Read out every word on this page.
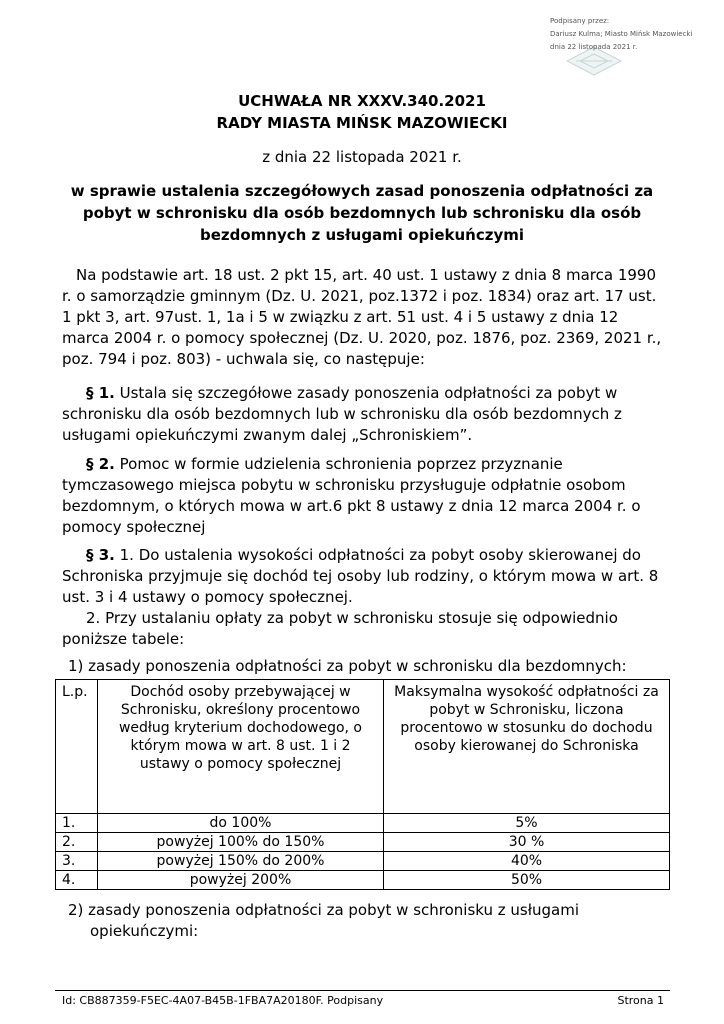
Podpisany przez:
Dariusz Kulma; Miasto Mińsk Mazowiecki
dnia 22 listopada 2021 r.
UCHWAŁA NR XXXV.340.2021
RADY MIASTA MIŃSK MAZOWIECKI
z dnia 22 listopada 2021 r.
w sprawie ustalenia szczegółowych zasad ponoszenia odpłatności za
pobyt w schronisku dla osób bezdomnych lub schronisku dla osób
bezdomnych z usługami opiekuńczymi
Na podstawie art. 18 ust. 2 pkt 15, art. 40 ust. 1 ustawy z dnia 8 marca 1990
r. o samorządzie gminnym (Dz. U. 2021, poz.1372 i poz. 1834) oraz art. 17 ust.
1 pkt 3, art. 97ust. 1, 1a i 5 w związku z art. 51 ust. 4 i 5 ustawy z dnia 12
marca 2004 r. o pomocy społecznej (Dz. U. 2020, poz. 1876, poz. 2369, 2021 r.,
poz. 794 i poz. 803) - uchwala się, co następuje:
§ 1. Ustala się szczegółowe zasady ponoszenia odpłatności za pobyt w
schronisku dla osób bezdomnych lub w schronisku dla osób bezdomnych z
usługami opiekuńczymi zwanym dalej „Schroniskiem”.
§ 2. Pomoc w formie udzielenia schronienia poprzez przyznanie
tymczasowego miejsca pobytu w schronisku przysługuje odpłatnie osobom
bezdomnym, o których mowa w art.6 pkt 8 ustawy z dnia 12 marca 2004 r. o
pomocy społecznej
§ 3. 1. Do ustalenia wysokości odpłatności za pobyt osoby skierowanej do
Schroniska przyjmuje się dochód tej osoby lub rodziny, o którym mowa w art. 8
ust. 3 i 4 ustawy o pomocy społecznej.
2. Przy ustalaniu opłaty za pobyt w schronisku stosuje się odpowiednio
poniższe tabele:
1) zasady ponoszenia odpłatności za pobyt w schronisku dla bezdomnych:
L.p.	Dochód osoby przebywającej w Schronisku, określony procentowo według kryterium dochodowego, o którym mowa w art. 8 ust. 1 i 2 ustawy o pomocy społecznej	Maksymalna wysokość odpłatności za pobyt w Schronisku, liczona procentowo w stosunku do dochodu osoby kierowanej do Schroniska
1.	do 100%	5%
2.	powyżej 100% do 150%	30 %
3.	powyżej 150% do 200%	40%
4.	powyżej 200%	50%
2) zasady ponoszenia odpłatności za pobyt w schronisku z usługami
opiekuńczymi:
Id: CB887359-F5EC-4A07-B45B-1FBA7A20180F. Podpisany	Strona 1
